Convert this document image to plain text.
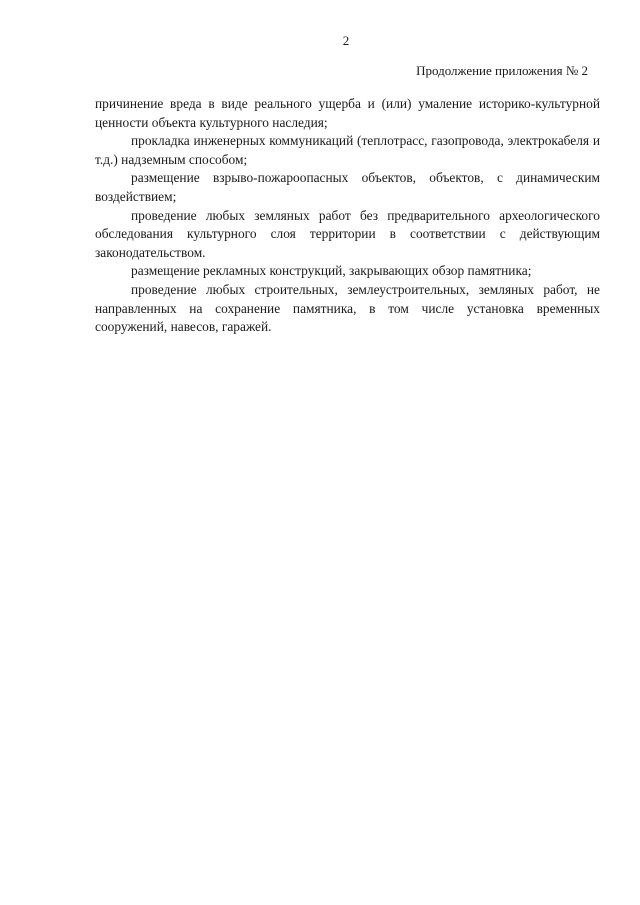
2
Продолжение приложения № 2

причинение вреда в виде реального ущерба и (или) умаление историко-культурной ценности объекта культурного наследия;

прокладка инженерных коммуникаций (теплотрасс, газопровода, электрокабеля и т.д.) надземным способом;

размещение взрыво-пожароопасных объектов, объектов, с динамическим воздействием;

проведение любых земляных работ без предварительного археологического обследования культурного слоя территории в соответствии с действующим законодательством.

размещение рекламных конструкций, закрывающих обзор памятника;

проведение любых строительных, землеустроительных, земляных работ, не направленных на сохранение памятника, в том числе установка временных сооружений, навесов, гаражей.
